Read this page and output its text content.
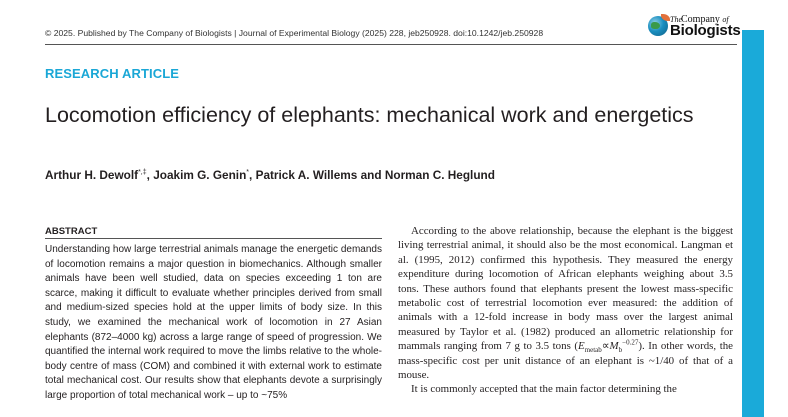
© 2025. Published by The Company of Biologists | Journal of Experimental Biology (2025) 228, jeb250928. doi:10.1242/jeb.250928
The Company of
Biologists
RESEARCH ARTICLE
Locomotion efficiency of elephants: mechanical work and energetics
Arthur H. Dewolf*,‡, Joakim G. Genin*, Patrick A. Willems and Norman C. Heglund
ABSTRACT
Understanding how large terrestrial animals manage the energetic demands of locomotion remains a major question in biomechanics. Although smaller animals have been well studied, data on species exceeding 1 ton are scarce, making it difficult to evaluate whether principles derived from small and medium-sized species hold at the upper limits of body size. In this study, we examined the mechanical work of locomotion in 27 Asian elephants (872–4000 kg) across a large range of speed of progression. We quantified the internal work required to move the limbs relative to the whole-body centre of mass (COM) and combined it with external work to estimate total mechanical cost. Our results show that elephants devote a surprisingly large proportion of total mechanical work – up to ~75%

According to the above relationship, because the elephant is the biggest living terrestrial animal, it should also be the most economical. Langman et al. (1995, 2012) confirmed this hypothesis. They measured the energy expenditure during locomotion of African elephants weighing about 3.5 tons. These authors found that elephants present the lowest mass-specific metabolic cost of terrestrial locomotion ever measured: the addition of animals with a 12-fold increase in body mass over the largest animal measured by Taylor et al. (1982) produced an allometric relationship for mammals ranging from 7 g to 3.5 tons $(E_{metab}\propto M_b^{-0.27})$. In other words, the mass-specific cost per unit distance of an elephant is ~1/40 of that of a mouse.

It is commonly accepted that the main factor determining the
